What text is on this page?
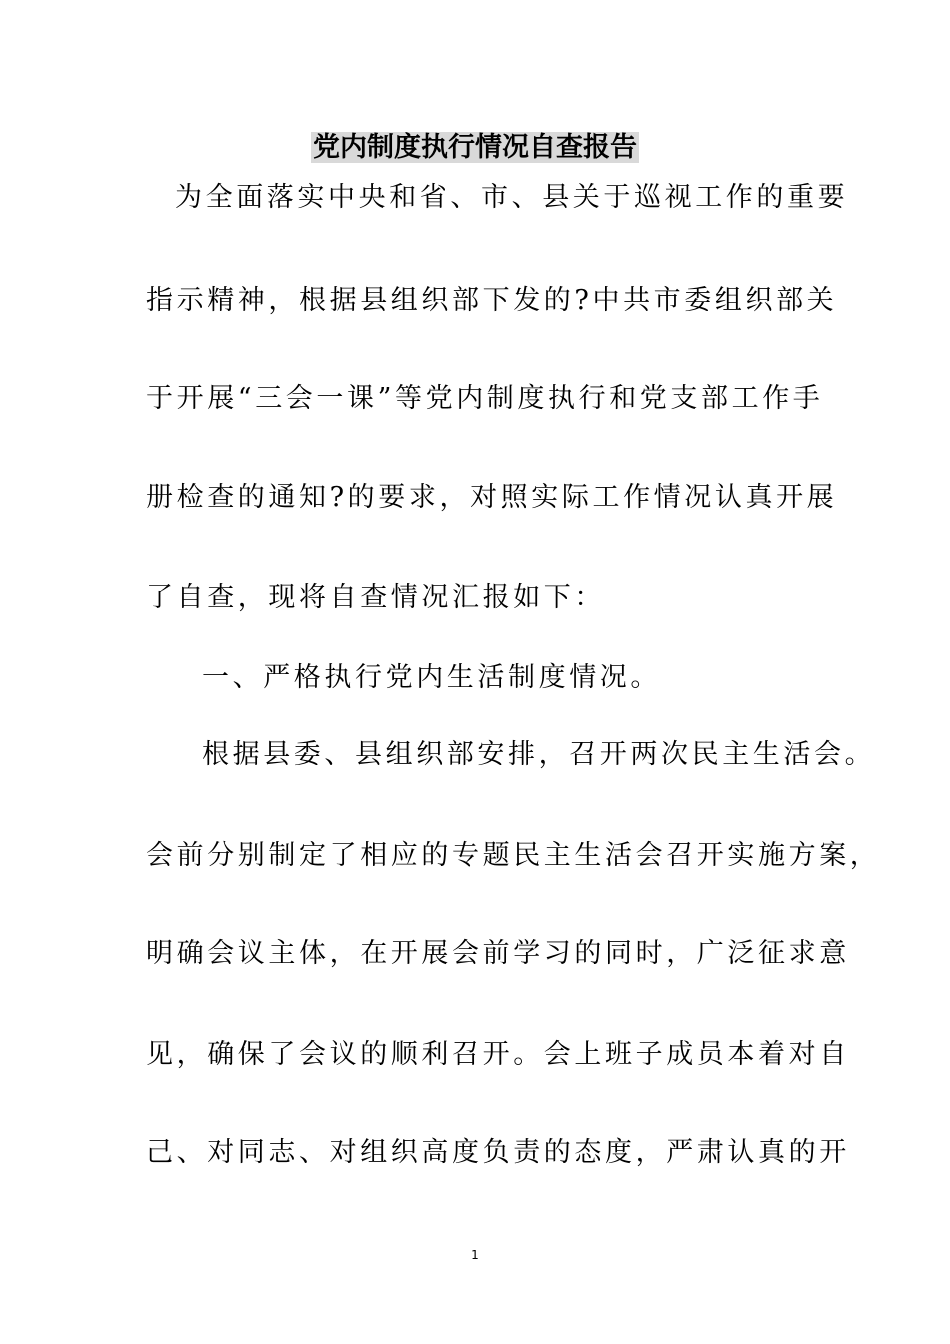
党内制度执行情况自查报告
为全面落实中央和省、市、县关于巡视工作的重要
指示精神，根据县组织部下发的?中共市委组织部关
于开展“三会一课”等党内制度执行和党支部工作手
册检查的通知?的要求，对照实际工作情况认真开展
了自查，现将自查情况汇报如下：
一、严格执行党内生活制度情况。
根据县委、县组织部安排，召开两次民主生活会。
会前分别制定了相应的专题民主生活会召开实施方案，
明确会议主体，在开展会前学习的同时，广泛征求意
见，确保了会议的顺利召开。会上班子成员本着对自
己、对同志、对组织高度负责的态度，严肃认真的开
1
